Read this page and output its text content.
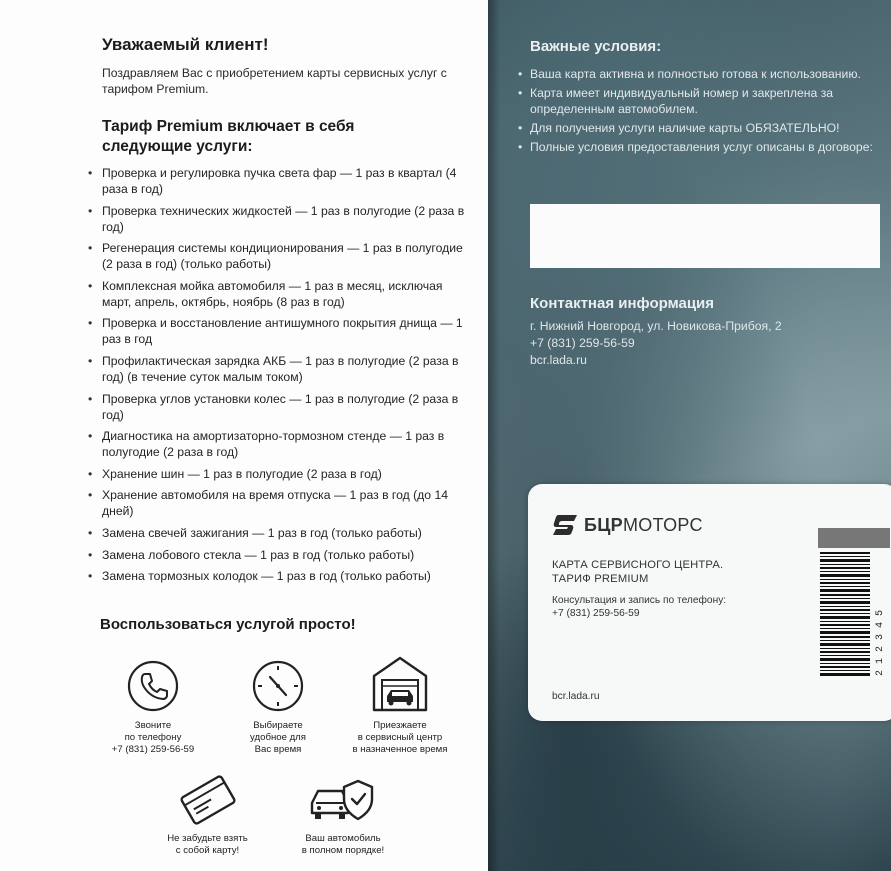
Уважаемый клиент!
Поздравляем Вас с приобретением карты сервисных услуг с тарифом Premium.
Тариф Premium включает в себя следующие услуги:
• Проверка и регулировка пучка света фар — 1 раз в квартал (4 раза в год)
• Проверка технических жидкостей — 1 раз в полугодие (2 раза в год)
• Регенерация системы кондиционирования — 1 раз в полугодие (2 раза в год) (только работы)
• Комплексная мойка автомобиля — 1 раз в месяц, исключая март, апрель, октябрь, ноябрь (8 раз в год)
• Проверка и восстановление антишумного покрытия днища — 1 раз в год
• Профилактическая зарядка АКБ — 1 раз в полугодие (2 раза в год) (в течение суток малым током)
• Проверка углов установки колес — 1 раз в полугодие (2 раза в год)
• Диагностика на амортизаторно-тормозном стенде — 1 раз в полугодие (2 раза в год)
• Хранение шин — 1 раз в полугодие (2 раза в год)
• Хранение автомобиля на время отпуска — 1 раз в год (до 14 дней)
• Замена свечей зажигания — 1 раз в год (только работы)
• Замена лобового стекла — 1 раз в год (только работы)
• Замена тормозных колодок — 1 раз в год (только работы)
Воспользоваться услугой просто!
Звоните
по телефону
+7 (831) 259-56-59
Выбираете
удобное для
Вас время
Приезжаете
в сервисный центр
в назначенное время
Не забудьте взять
с собой карту!
Ваш автомобиль
в полном порядке!
Важные условия:
• Ваша карта активна и полностью готова к использованию.
• Карта имеет индивидуальный номер и закреплена за определенным автомобилем.
• Для получения услуги наличие карты ОБЯЗАТЕЛЬНО!
• Полные условия предоставления услуг описаны в договоре:
Контактная информация
г. Нижний Новгород, ул. Новикова-Прибоя, 2
+7 (831) 259-56-59
bcr.lada.ru
БЦРМОТОРС
КАРТА СЕРВИСНОГО ЦЕНТРА.
ТАРИФ PREMIUM
Консультация и запись по телефону:
+7 (831) 259-56-59
bcr.lada.ru
2 1 2 3 4 5
